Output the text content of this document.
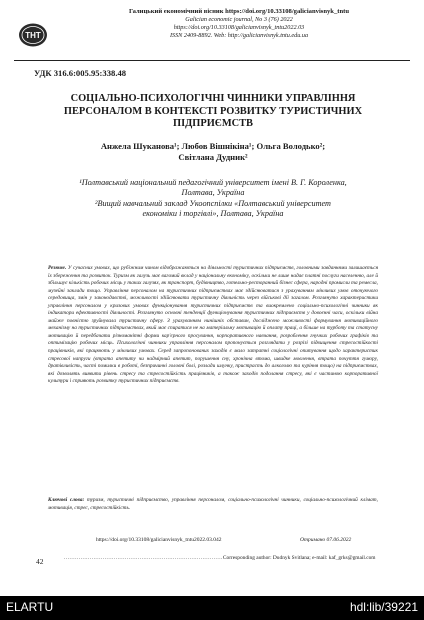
ТНТ
Галицький економічний вісник https://doi.org/10.33108/galicianvisnyk_tntu
Galician economic journal, No 3 (76) 2022
https://doi.org/10.33108/galicianvisnyk_tntu2022.03
ISSN 2409-8892. Web: http://galicianvisnyk.tntu.edu.ua
УДК 316.6:005.95:338.48
СОЦІАЛЬНО-ПСИХОЛОГІЧНІ ЧИННИКИ УПРАВЛІННЯ ПЕРСОНАЛОМ В КОНТЕКСТІ РОЗВИТКУ ТУРИСТИЧНИХ ПІДПРИЄМСТВ
Анжела Шуканова¹; Любов Вішнікіна¹; Ольга Володько²;
Світлана Дудник²
¹Полтавський національний педагогічний університет імені В. Г. Короленка,
Полтава, Україна
²Вищий навчальний заклад Укоопспілки «Полтавський університет
економіки і торгівлі», Полтава, Україна
Резюме. У сучасних умовах, що рубіжним чином відображаються на діяльності туристичних підприємств, головними завданнями залишається їх збереження та розвиток. Туризм як галузь має вагомий вклад у національну економіку, оскільки не лише надає платні послуги населенню, але й збільшує кількість робочих місць у таких галузях, як транспорт, будівництво, готельно-ресторанний бізнес сфера, народні промисли та ремесла, музейні заклади тощо. Управління персоналом на туристичних підприємствах має здійснюватися з урахуванням мінливих умов оточуючого середовища, змін у законодавстві, можливості здійснювати туристичну діяльність через військові дії загалом. Розглянуто характеристики управління персоналом у кризових умовах функціонування туристичних підприємств та виокремлено соціально-психологічні чинники як індикатори ефективності діяльності. Розглянуто основні тенденції функціонування туристичних підприємств у довоєнні часи, оскільки війна майже повністю зруйнувала туристичну сферу. З урахуванням нинішніх обставин, досліджено можливості формування мотиваційного механізму на туристичних підприємствах, який має спиратися не на матеріальну мотивацію й оплату праці, а більше на турботу та статусну мотивацію й передбачати різноманітні форми кар'єрного просування, корпоративного навчання, розроблення гнучких робочих графіків та оптимізацію робочих місць. Психологічні чинники управління персоналом пропонується розглядати у розрізі підвищення стресостійкості працівників, які працюють у мінливих умовах. Серед запропонованих заходів є мало затратні соціологічні опитування щодо характеристик стресової напруги (втрата апетиту чи надмірний апетит, порушення сну, хронічна втома, швидке мовлення, втрата почуття гумору, дратівливість, часті помилки в роботі, безпричинні головні болі, розлади шлунку, пристрасть до алкоголю та куріння тощо) на підприємствах, які дозволять виявити рівень стресу та стресостійкість працівників, а також заходів подолання стресу, які є частиною корпоративної культури і сприяють розвитку туристичних підприємств.
Ключові слова: туризм, туристичні підприємство, управління персоналом, соціально-психологічні чинники, соціально-психологічний клімат, мотивація, стрес, стресостійкість.
https://doi.org/10.33108/galicianvisnyk_tntu2022.03.042	Отримано 07.06.2022
42	......................................................................................Corresponding author: Dudnyk Svitlana; e-mail: kaf_grks@gmail.com
ELARTU	hdl:lib/39221
